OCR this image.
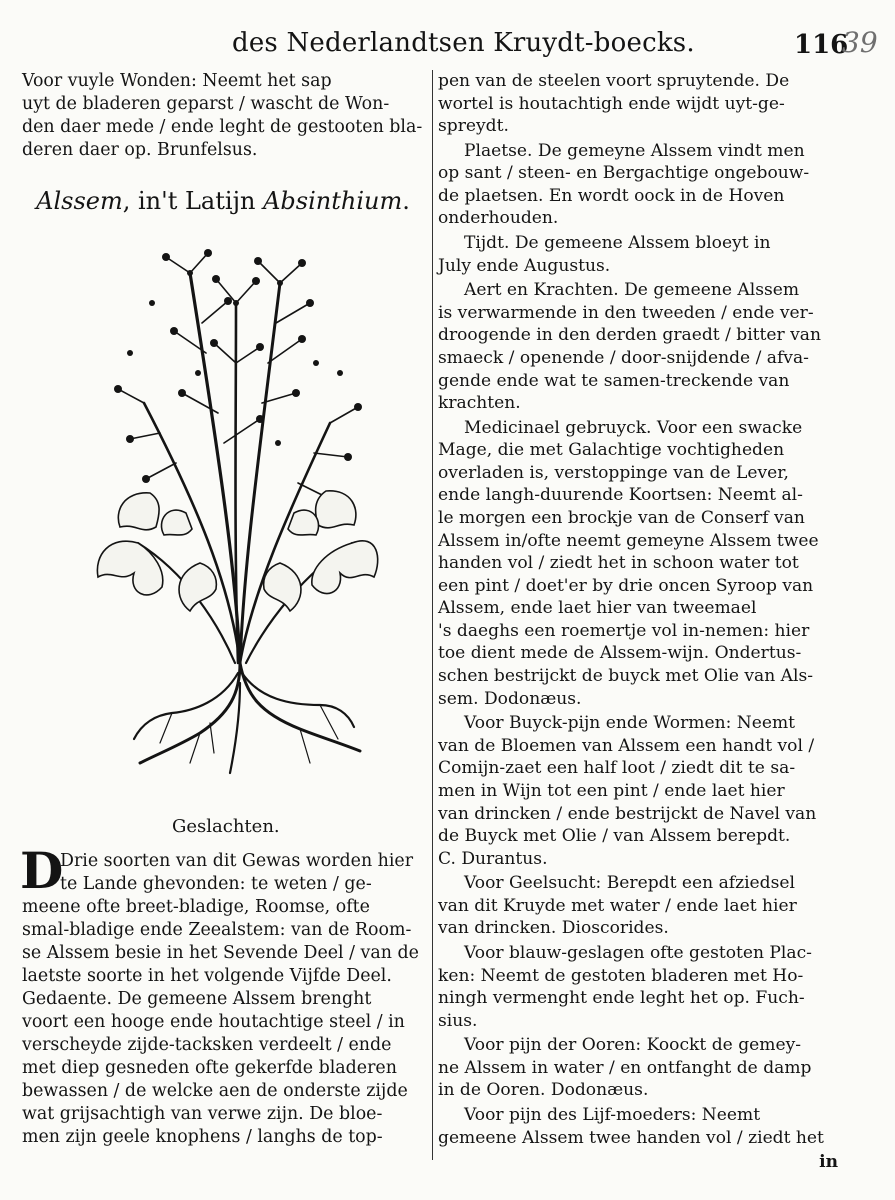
des Nederlandtsen Kruydt-boecks.	116
39

Voor vuyle Wonden: Neemt het sap

uyt de bladeren geparst / wascht de Won-

den daer mede / ende leght de gestooten bla-

deren daer op. Brunfelsus.

Alssem, in't Latijn Absinthium.
Geslachten.
D

Drie soorten van dit Gewas worden hier

te Lande ghevonden: te weten / ge-

meene ofte breet-bladige, Roomse, ofte

smal-bladige ende Zeealstem: van de Room-

se Alssem besie in het Sevende Deel / van de

laetste soorte in het volgende Vijfde Deel.

Gedaente. De gemeene Alssem brenght

voort een hooge ende houtachtige steel / in

verscheyde zijde-tacksken verdeelt / ende

met diep gesneden ofte gekerfde bladeren

bewassen / de welcke aen de onderste zijde

wat grijsachtigh van verwe zijn. De bloe-

men zijn geele knophens / langhs de top-

pen van de steelen voort spruytende. De

wortel is houtachtigh ende wijdt uyt-ge-

spreydt.

Plaetse. De gemeyne Alssem vindt men

op sant / steen- en Bergachtige ongebouw-

de plaetsen. En wordt oock in de Hoven

onderhouden.

Tijdt. De gemeene Alssem bloeyt in

July ende Augustus.

Aert en Krachten. De gemeene Alssem

is verwarmende in den tweeden / ende ver-

droogende in den derden graedt / bitter van

smaeck / openende / door-snijdende / afva-

gende ende wat te samen-treckende van

krachten.

Medicinael gebruyck. Voor een swacke

Mage, die met Galachtige vochtigheden

overladen is, verstoppinge van de Lever,

ende langh-duurende Koortsen: Neemt al-

le morgen een brockje van de Conserf van

Alssem in/ofte neemt gemeyne Alssem twee

handen vol / ziedt het in schoon water tot

een pint / doet'er by drie oncen Syroop van

Alssem, ende laet hier van tweemael

's daeghs een roemertje vol in-nemen: hier

toe dient mede de Alssem-wijn. Ondertus-

schen bestrijckt de buyck met Olie van Als-

sem. Dodonæus.

Voor Buyck-pijn ende Wormen: Neemt

van de Bloemen van Alssem een handt vol /

Comijn-zaet een half loot / ziedt dit te sa-

men in Wijn tot een pint / ende laet hier

van drincken / ende bestrijckt de Navel van

de Buyck met Olie / van Alssem berepdt.

C. Durantus.

Voor Geelsucht: Berepdt een afziedsel

van dit Kruyde met water / ende laet hier

van drincken. Dioscorides.

Voor blauw-geslagen ofte gestoten Plac-

ken: Neemt de gestoten bladeren met Ho-

ningh vermenght ende leght het op. Fuch-

sius.

Voor pijn der Ooren: Koockt de gemey-

ne Alssem in water / en ontfanght de damp

in de Ooren. Dodonæus.

Voor pijn des Lijf-moeders: Neemt

gemeene Alssem twee handen vol / ziedt het

in
